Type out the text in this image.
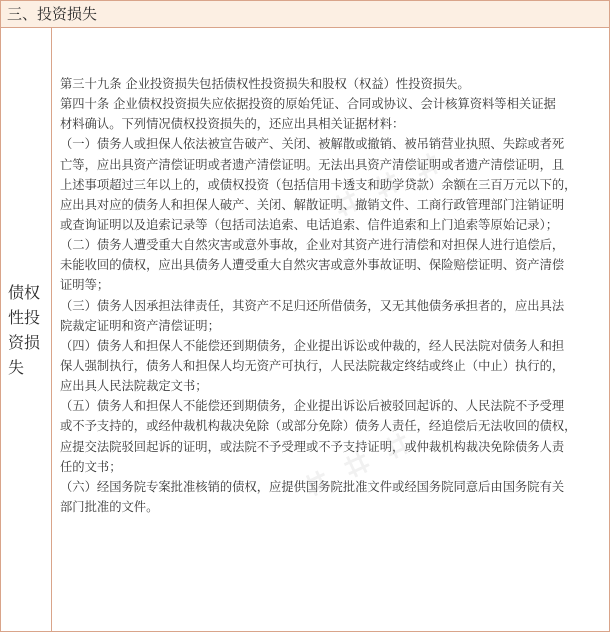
三、投资损失
债权
性投
资损
失
第三十九条 企业投资损失包括债权性投资损失和股权（权益）性投资损失。
第四十条 企业债权投资损失应依据投资的原始凭证、合同或协议、会计核算资料等相关证据
材料确认。下列情况债权投资损失的，还应出具相关证据材料：
（一）债务人或担保人依法被宣告破产、关闭、被解散或撤销、被吊销营业执照、失踪或者死
亡等，应出具资产清偿证明或者遗产清偿证明。无法出具资产清偿证明或者遗产清偿证明，且
上述事项超过三年以上的，或债权投资（包括信用卡透支和助学贷款）余额在三百万元以下的，
应出具对应的债务人和担保人破产、关闭、解散证明、撤销文件、工商行政管理部门注销证明
或查询证明以及追索记录等（包括司法追索、电话追索、信件追索和上门追索等原始记录）；
（二）债务人遭受重大自然灾害或意外事故，企业对其资产进行清偿和对担保人进行追偿后，
未能收回的债权，应出具债务人遭受重大自然灾害或意外事故证明、保险赔偿证明、资产清偿
证明等；
（三）债务人因承担法律责任，其资产不足归还所借债务，又无其他债务承担者的，应出具法
院裁定证明和资产清偿证明；
（四）债务人和担保人不能偿还到期债务，企业提出诉讼或仲裁的，经人民法院对债务人和担
保人强制执行，债务人和担保人均无资产可执行，人民法院裁定终结或终止（中止）执行的，
应出具人民法院裁定文书；
（五）债务人和担保人不能偿还到期债务，企业提出诉讼后被驳回起诉的、人民法院不予受理
或不予支持的，或经仲裁机构裁决免除（或部分免除）债务人责任，经追偿后无法收回的债权，
应提交法院驳回起诉的证明，或法院不予受理或不予支持证明，或仲裁机构裁决免除债务人责
任的文书；
（六）经国务院专案批准核销的债权，应提供国务院批准文件或经国务院同意后由国务院有关
部门批准的文件。
⌗ ⌗ ⌗
⌗ ⌗ ⌗
